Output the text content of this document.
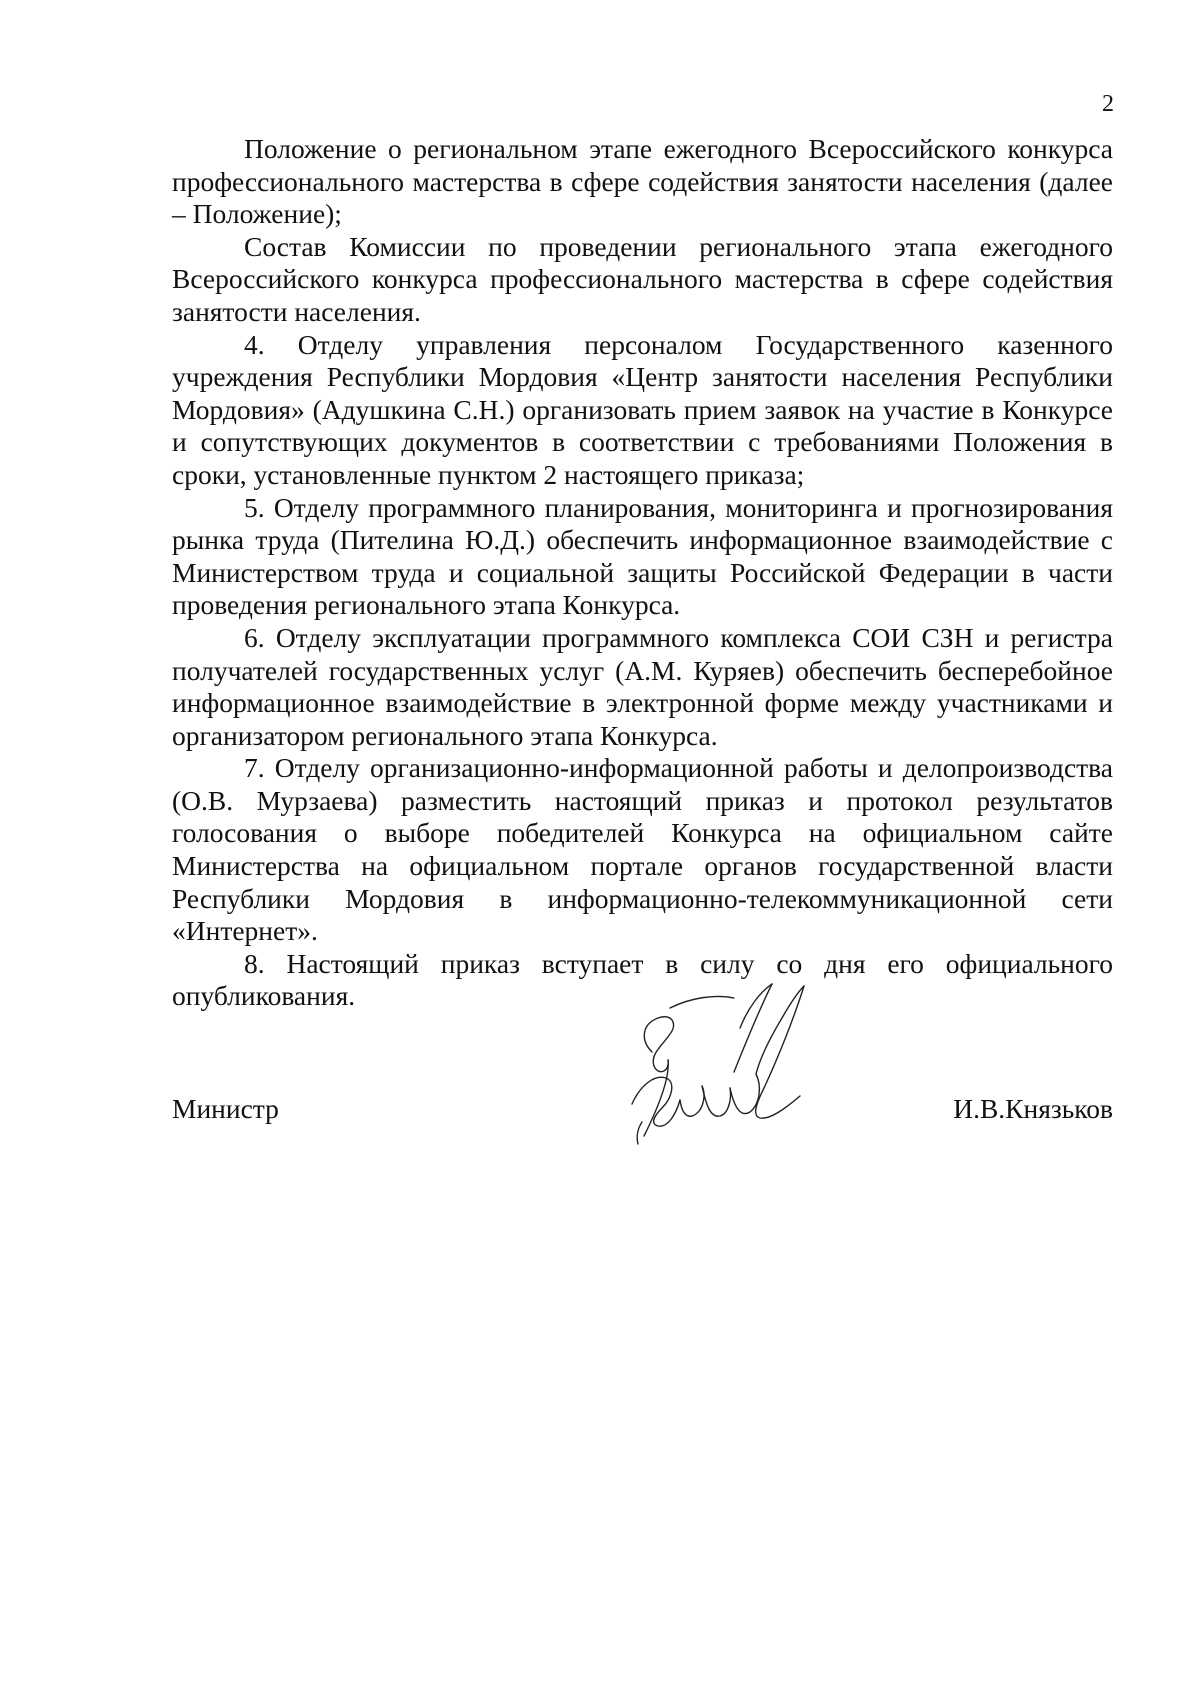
2

Положение о региональном этапе ежегодного Всероссийского конкурса профессионального мастерства в сфере содействия занятости населения (далее – Положение);

Состав Комиссии по проведении регионального этапа ежегодного Всероссийского конкурса профессионального мастерства в сфере содействия занятости населения.

4. Отделу управления персоналом Государственного казенного учреждения Республики Мордовия «Центр занятости населения Республики Мордовия» (Адушкина С.Н.) организовать прием заявок на участие в Конкурсе и сопутствующих документов в соответствии с требованиями Положения в сроки, установленные пунктом 2 настоящего приказа;

5. Отделу программного планирования, мониторинга и прогнозирования рынка труда (Пителина Ю.Д.) обеспечить информационное взаимодействие с Министерством труда и социальной защиты Российской Федерации в части проведения регионального этапа Конкурса.

6. Отделу эксплуатации программного комплекса СОИ СЗН и регистра получателей государственных услуг (А.М. Куряев) обеспечить бесперебойное информационное взаимодействие в электронной форме между участниками и организатором регионального этапа Конкурса.

7. Отделу организационно-информационной работы и делопроизводства (О.В. Мурзаева) разместить настоящий приказ и протокол результатов голосования о выборе победителей Конкурса на официальном сайте Министерства на официальном портале органов государственной власти Республики Мордовия в информационно-телекоммуникационной сети «Интернет».

8. Настоящий приказ вступает в силу со дня его официального опубликования.

Министр	И.В.Князьков
